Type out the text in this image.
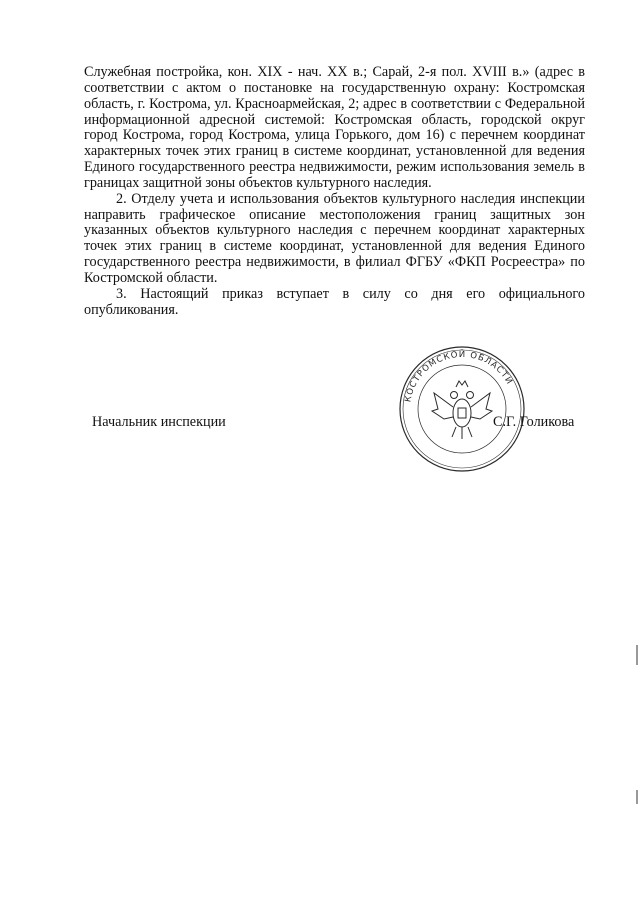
Служебная постройка, кон. XIX - нач. XX в.; Сарай, 2-я пол. XVIII в.» (адрес в соответствии с актом о постановке на государственную охрану: Костромская область, г. Кострома, ул. Красноармейская, 2; адрес в соответствии с Федеральной информационной адресной системой: Костромская область, городской округ город Кострома, город Кострома, улица Горького, дом 16) с перечнем координат характерных точек этих границ в системе координат, установленной для ведения Единого государственного реестра недвижимости, режим использования земель в границах защитной зоны объектов культурного наследия.

2. Отделу учета и использования объектов культурного наследия инспекции направить графическое описание местоположения границ защитных зон указанных объектов культурного наследия с перечнем координат характерных точек этих границ в системе координат, установленной для ведения Единого государственного реестра недвижимости, в филиал ФГБУ «ФКП Росреестра» по Костромской области.

3. Настоящий приказ вступает в силу со дня его официального опубликования.

КОСТРОМСКОЙ ОБЛАСТИ
Начальник инспекции	С.Г. Голикова
